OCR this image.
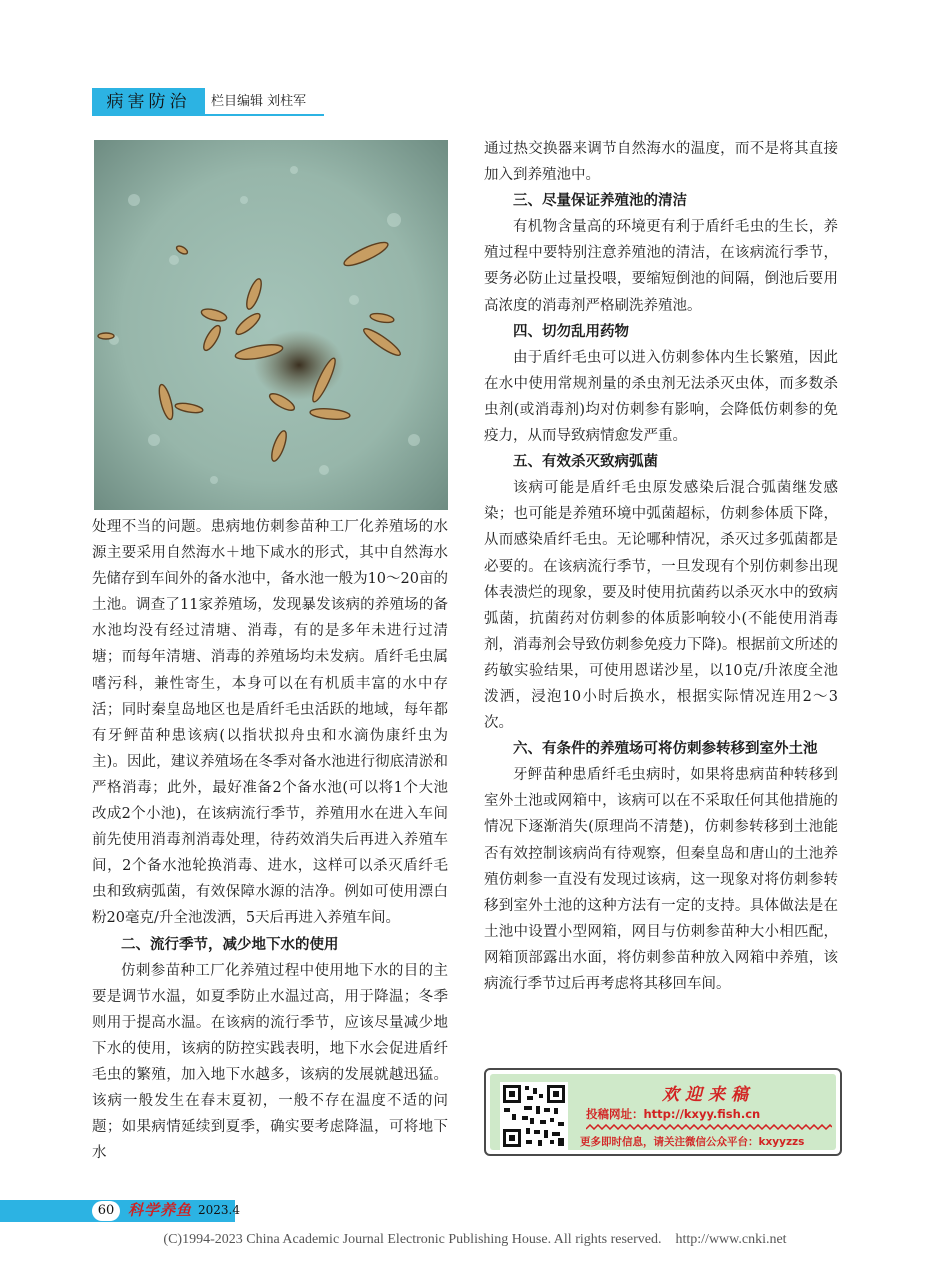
病害防治	栏目编辑 刘柱军

处理不当的问题。患病地仿刺参苗种工厂化养殖场的水源主要采用自然海水＋地下咸水的形式，其中自然海水先储存到车间外的备水池中，备水池一般为10～20亩的土池。调查了11家养殖场，发现暴发该病的养殖场的备水池均没有经过清塘、消毒，有的是多年未进行过清塘；而每年清塘、消毒的养殖场均未发病。盾纤毛虫属嗜污科，兼性寄生，本身可以在有机质丰富的水中存活；同时秦皇岛地区也是盾纤毛虫活跃的地域，每年都有牙鲆苗种患该病(以指状拟舟虫和水滴伪康纤虫为主)。因此，建议养殖场在冬季对备水池进行彻底清淤和严格消毒；此外，最好准备2个备水池(可以将1个大池改成2个小池)，在该病流行季节，养殖用水在进入车间前先使用消毒剂消毒处理，待药效消失后再进入养殖车间，2个备水池轮换消毒、进水，这样可以杀灭盾纤毛虫和致病弧菌，有效保障水源的洁净。例如可使用漂白粉20毫克/升全池泼洒，5天后再进入养殖车间。

二、流行季节，减少地下水的使用

仿刺参苗种工厂化养殖过程中使用地下水的目的主要是调节水温，如夏季防止水温过高，用于降温；冬季则用于提高水温。在该病的流行季节，应该尽量减少地下水的使用，该病的防控实践表明，地下水会促进盾纤毛虫的繁殖，加入地下水越多，该病的发展就越迅猛。该病一般发生在春末夏初，一般不存在温度不适的问题；如果病情延续到夏季，确实要考虑降温，可将地下水

通过热交换器来调节自然海水的温度，而不是将其直接加入到养殖池中。

三、尽量保证养殖池的清洁

有机物含量高的环境更有利于盾纤毛虫的生长，养殖过程中要特别注意养殖池的清洁，在该病流行季节，要务必防止过量投喂，要缩短倒池的间隔，倒池后要用高浓度的消毒剂严格刷洗养殖池。

四、切勿乱用药物

由于盾纤毛虫可以进入仿刺参体内生长繁殖，因此在水中使用常规剂量的杀虫剂无法杀灭虫体，而多数杀虫剂(或消毒剂)均对仿刺参有影响，会降低仿刺参的免疫力，从而导致病情愈发严重。

五、有效杀灭致病弧菌

该病可能是盾纤毛虫原发感染后混合弧菌继发感染；也可能是养殖环境中弧菌超标，仿刺参体质下降，从而感染盾纤毛虫。无论哪种情况，杀灭过多弧菌都是必要的。在该病流行季节，一旦发现有个别仿刺参出现体表溃烂的现象，要及时使用抗菌药以杀灭水中的致病弧菌，抗菌药对仿刺参的体质影响较小(不能使用消毒剂，消毒剂会导致仿刺参免疫力下降)。根据前文所述的药敏实验结果，可使用恩诺沙星，以10克/升浓度全池泼洒，浸泡10小时后换水，根据实际情况连用2～3次。

六、有条件的养殖场可将仿刺参转移到室外土池

牙鲆苗种患盾纤毛虫病时，如果将患病苗种转移到室外土池或网箱中，该病可以在不采取任何其他措施的情况下逐渐消失(原理尚不清楚)，仿刺参转移到土池能否有效控制该病尚有待观察，但秦皇岛和唐山的土池养殖仿刺参一直没有发现过该病，这一现象对将仿刺参转移到室外土池的这种方法有一定的支持。具体做法是在土池中设置小型网箱，网目与仿刺参苗种大小相匹配，网箱顶部露出水面，将仿刺参苗种放入网箱中养殖，该病流行季节过后再考虑将其移回车间。

欢迎来稿
投稿网址：http://kxyy.fish.cn
更多即时信息，请关注微信公众平台：kxyyzzs
60 科学养鱼 2023.4
(C)1994-2023 China Academic Journal Electronic Publishing House. All rights reserved.    http://www.cnki.net
